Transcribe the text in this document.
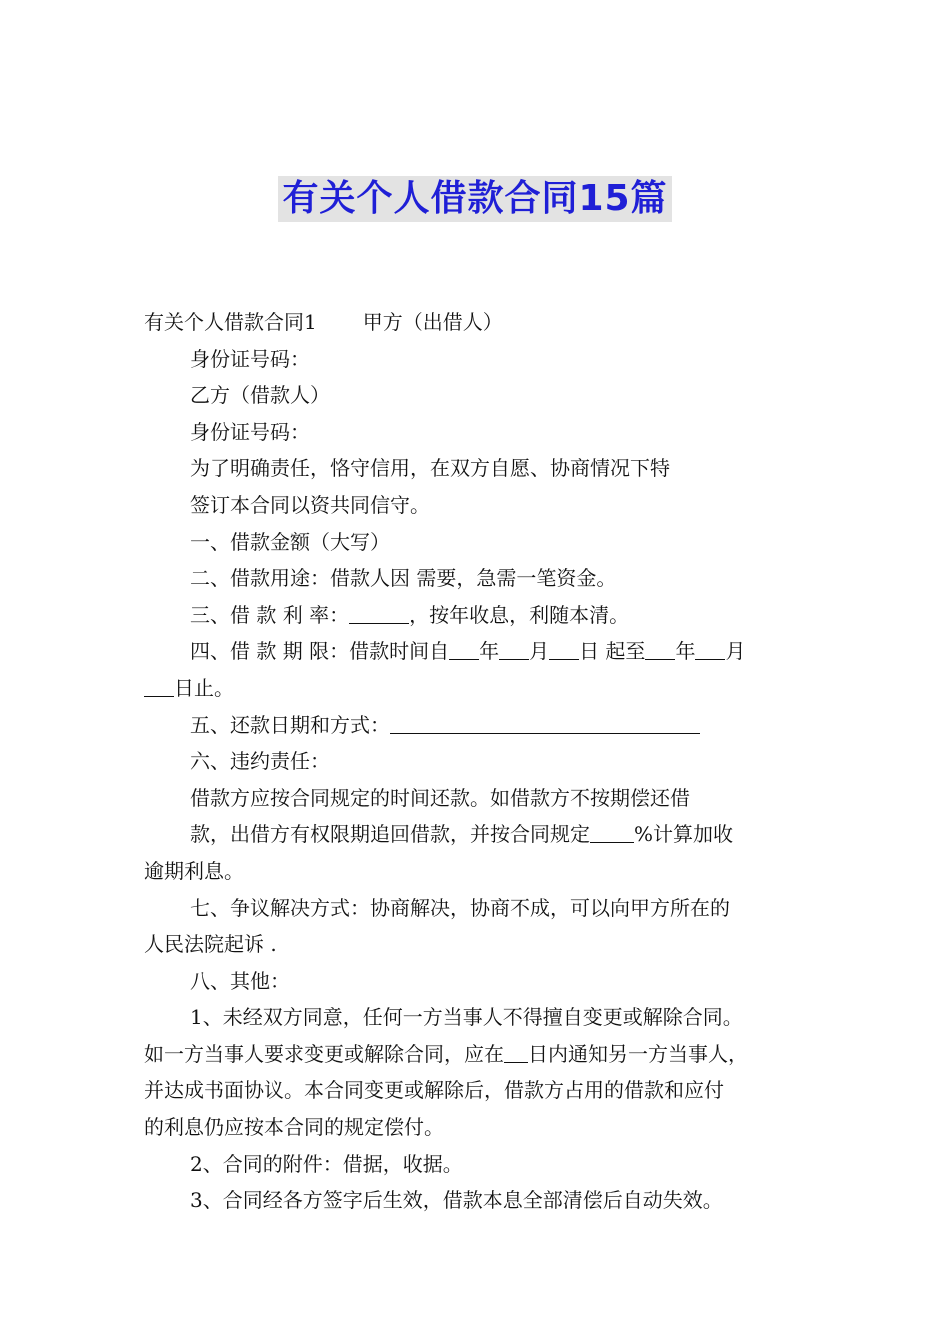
有关个人借款合同15篇
有关个人借款合同1 甲方（出借人）
身份证号码：
乙方（借款人）
身份证号码：
为了明确责任，恪守信用，在双方自愿、协商情况下特
签订本合同以资共同信守。
一、借款金额（大写）
二、借款用途：借款人因 需要，急需一笔资金。
三、借 款 利 率：	，按年收息，利随本清。
四、借 款 期 限：借款时间自 年 月 日 起至 年 月
日止。
五、还款日期和方式：
六、违约责任：
借款方应按合同规定的时间还款。如借款方不按期偿还借
款，出借方有权限期追回借款，并按合同规定 %计算加收
逾期利息。
七、争议解决方式：协商解决，协商不成，可以向甲方所在的
人民法院起诉 .
八、其他：
1、未经双方同意，任何一方当事人不得擅自变更或解除合同。
如一方当事人要求变更或解除合同，应在 日内通知另一方当事人，
并达成书面协议。本合同变更或解除后，借款方占用的借款和应付
的利息仍应按本合同的规定偿付。
2、合同的附件：借据，收据。
3、合同经各方签字后生效，借款本息全部清偿后自动失效。
